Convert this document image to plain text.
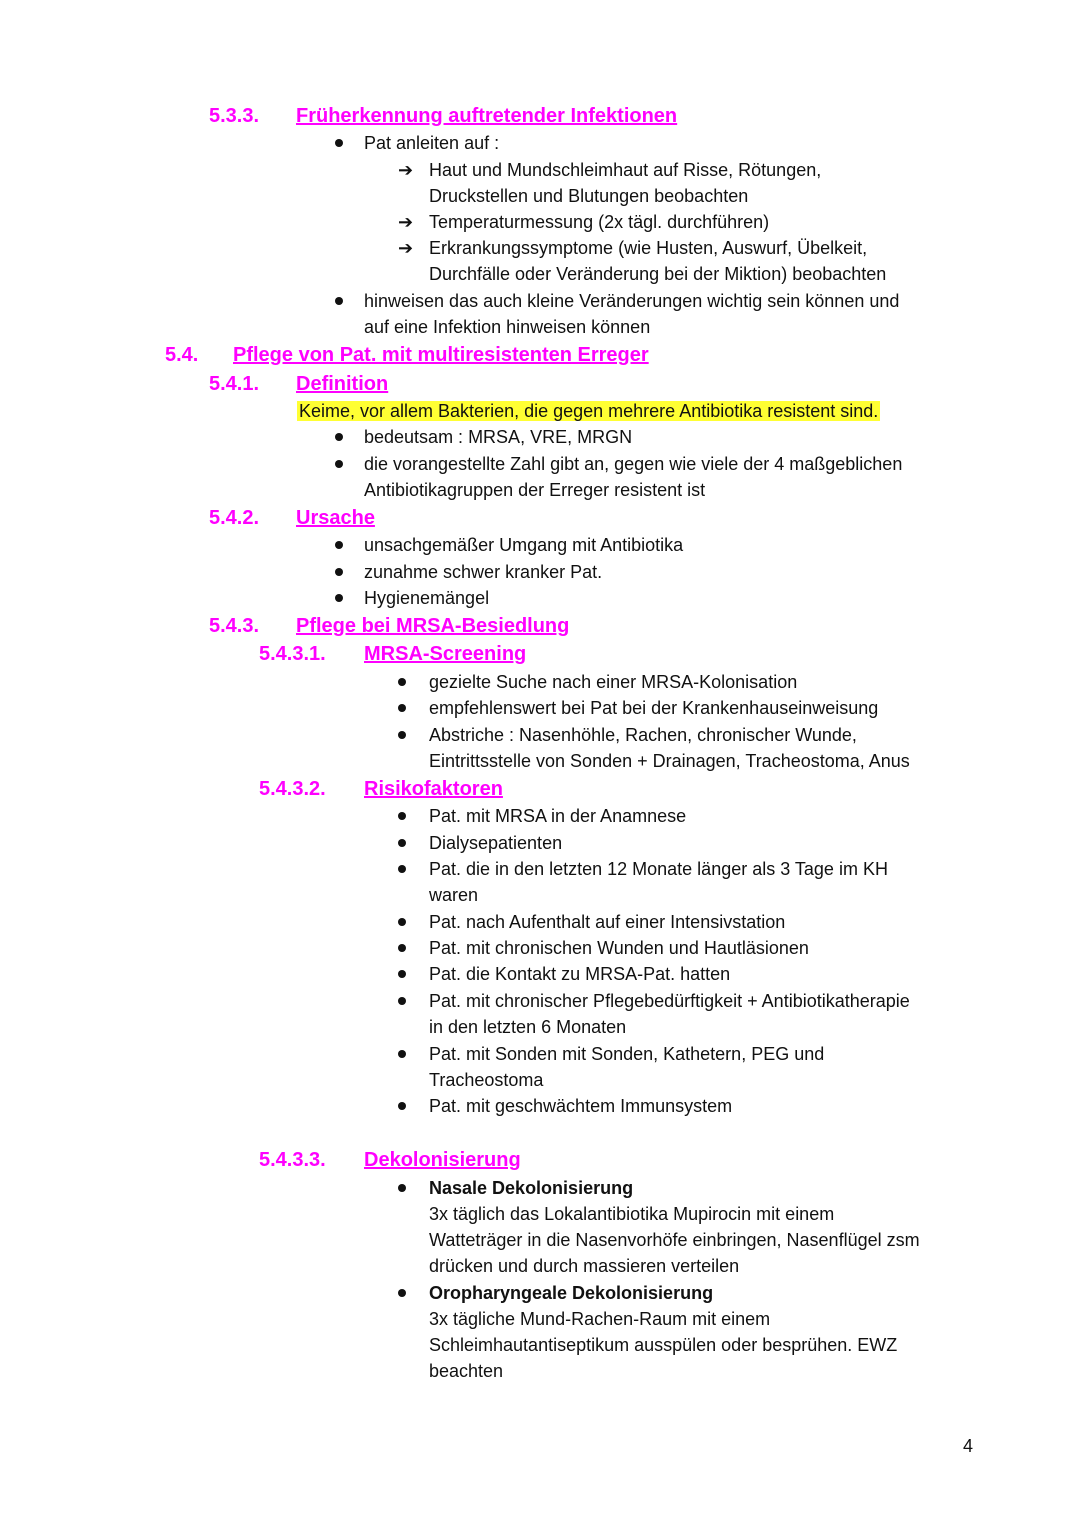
5.3.3. Früherkennung auftretender Infektionen
Pat anleiten auf :
➔ Haut und Mundschleimhaut auf Risse, Rötungen,
Druckstellen und Blutungen beobachten
➔ Temperaturmessung (2x tägl. durchführen)
➔ Erkrankungssymptome (wie Husten, Auswurf, Übelkeit,
Durchfälle oder Veränderung bei der Miktion) beobachten
hinweisen das auch kleine Veränderungen wichtig sein können und
auf eine Infektion hinweisen können
5.4. Pflege von Pat. mit multiresistenten Erreger
5.4.1. Definition
Keime, vor allem Bakterien, die gegen mehrere Antibiotika resistent sind.
bedeutsam : MRSA, VRE, MRGN
die vorangestellte Zahl gibt an, gegen wie viele der 4 maßgeblichen
Antibiotikagruppen der Erreger resistent ist
5.4.2. Ursache
unsachgemäßer Umgang mit Antibiotika
zunahme schwer kranker Pat.
Hygienemängel
5.4.3. Pflege bei MRSA-Besiedlung
5.4.3.1. MRSA-Screening
gezielte Suche nach einer MRSA-Kolonisation
empfehlenswert bei Pat bei der Krankenhauseinweisung
Abstriche : Nasenhöhle, Rachen, chronischer Wunde,
Eintrittsstelle von Sonden + Drainagen, Tracheostoma, Anus
5.4.3.2. Risikofaktoren
Pat. mit MRSA in der Anamnese
Dialysepatienten
Pat. die in den letzten 12 Monate länger als 3 Tage im KH
waren
Pat. nach Aufenthalt auf einer Intensivstation
Pat. mit chronischen Wunden und Hautläsionen
Pat. die Kontakt zu MRSA-Pat. hatten
Pat. mit chronischer Pflegebedürftigkeit + Antibiotikatherapie
in den letzten 6 Monaten
Pat. mit Sonden mit Sonden, Kathetern, PEG und
Tracheostoma
Pat. mit geschwächtem Immunsystem
5.4.3.3. Dekolonisierung
Nasale Dekolonisierung
3x täglich das Lokalantibiotika Mupirocin mit einem
Watteträger in die Nasenvorhöfe einbringen, Nasenflügel zsm
drücken und durch massieren verteilen
Oropharyngeale Dekolonisierung
3x tägliche Mund-Rachen-Raum mit einem
Schleimhautantiseptikum ausspülen oder besprühen. EWZ
beachten
4
